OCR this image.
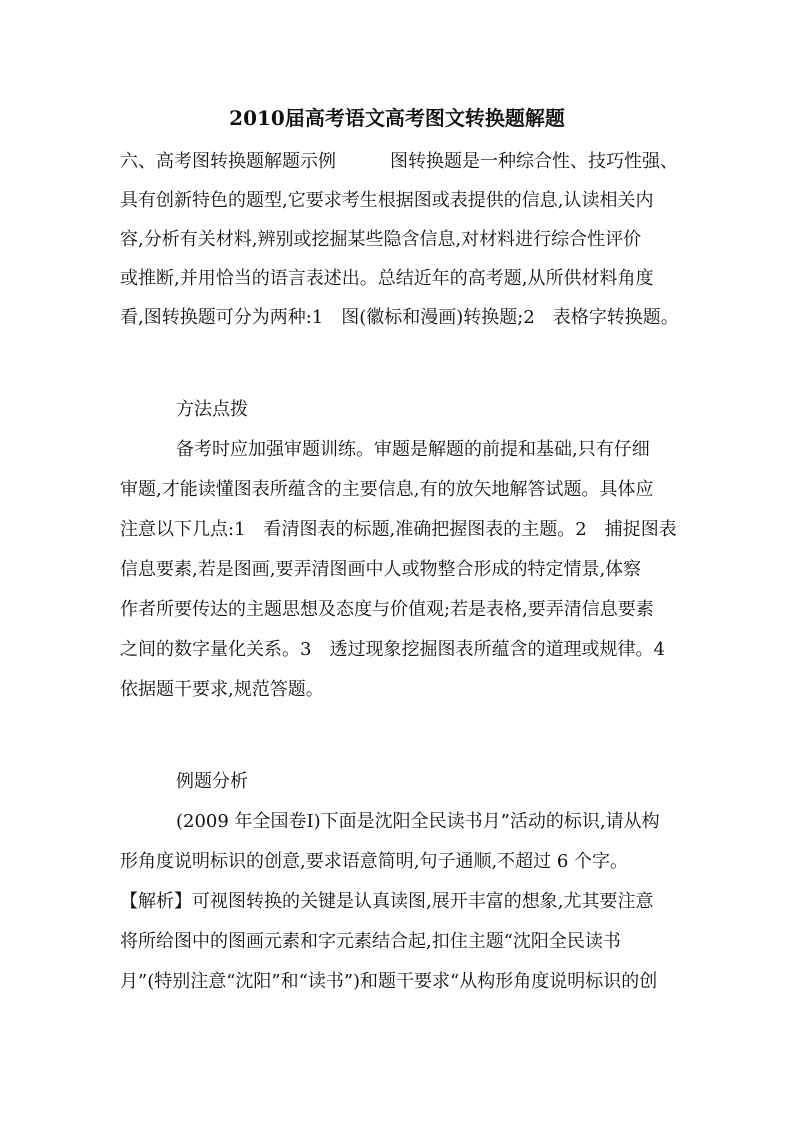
2010届高考语文高考图文转换题解题
六、高考图转换题解题示例　　　图转换题是一种综合性、技巧性强、
具有创新特色的题型,它要求考生根据图或表提供的信息,认读相关内
容,分析有关材料,辨别或挖掘某些隐含信息,对材料进行综合性评价
或推断,并用恰当的语言表述出。总结近年的高考题,从所供材料角度
看,图转换题可分为两种:1　图(徽标和漫画)转换题;2　表格字转换题。
方法点拨
备考时应加强审题训练。审题是解题的前提和基础,只有仔细
审题,才能读懂图表所蕴含的主要信息,有的放矢地解答试题。具体应
注意以下几点:1　看清图表的标题,准确把握图表的主题。2　捕捉图表
信息要素,若是图画,要弄清图画中人或物整合形成的特定情景,体察
作者所要传达的主题思想及态度与价值观;若是表格,要弄清信息要素
之间的数字量化关系。3　透过现象挖掘图表所蕴含的道理或规律。4
依据题干要求,规范答题。
例题分析
(2009 年全国卷Ⅰ)下面是沈阳全民读书月”活动的标识,请从构
形角度说明标识的创意,要求语意简明,句子通顺,不超过 6 个字。
【解析】可视图转换的关键是认真读图,展开丰富的想象,尤其要注意
将所给图中的图画元素和字元素结合起,扣住主题“沈阳全民读书
月”(特别注意“沈阳”和“读书”)和题干要求“从构形角度说明标识的创
